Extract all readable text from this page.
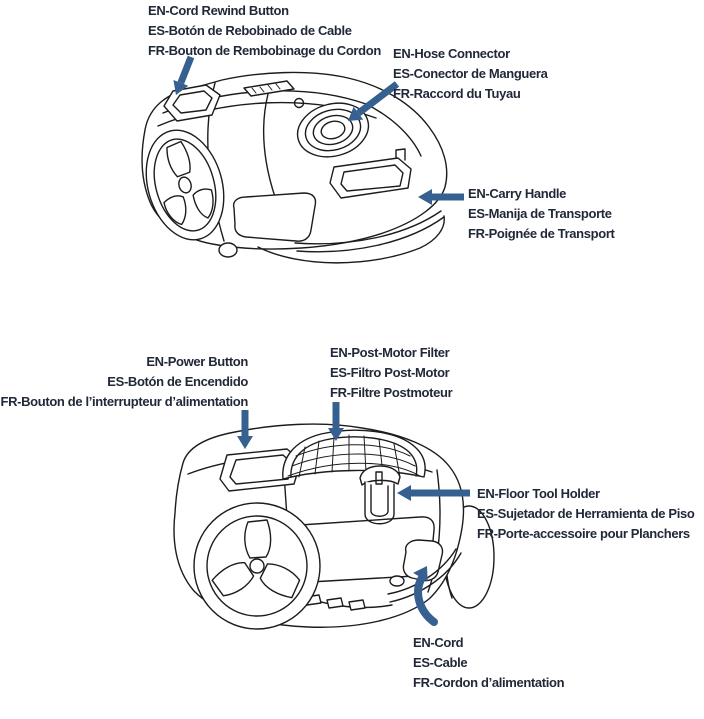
EN-Cord Rewind Button
ES-Botón de Rebobinado de Cable
FR-Bouton de Rembobinage du Cordon EN-Hose Connector
ES-Conector de Manguera
FR-Raccord du Tuyau
EN-Carry Handle
ES-Manija de Transporte
FR-Poignée de Transport
EN-Power Button
ES-Botón de Encendido
FR-Bouton de l’interrupteur d’alimentation
EN-Post-Motor Filter
ES-Filtro Post-Motor
FR-Filtre Postmoteur
EN-Floor Tool Holder
ES-Sujetador de Herramienta de Piso
FR-Porte-accessoire pour Planchers
EN-Cord
ES-Cable
FR-Cordon d’alimentation
